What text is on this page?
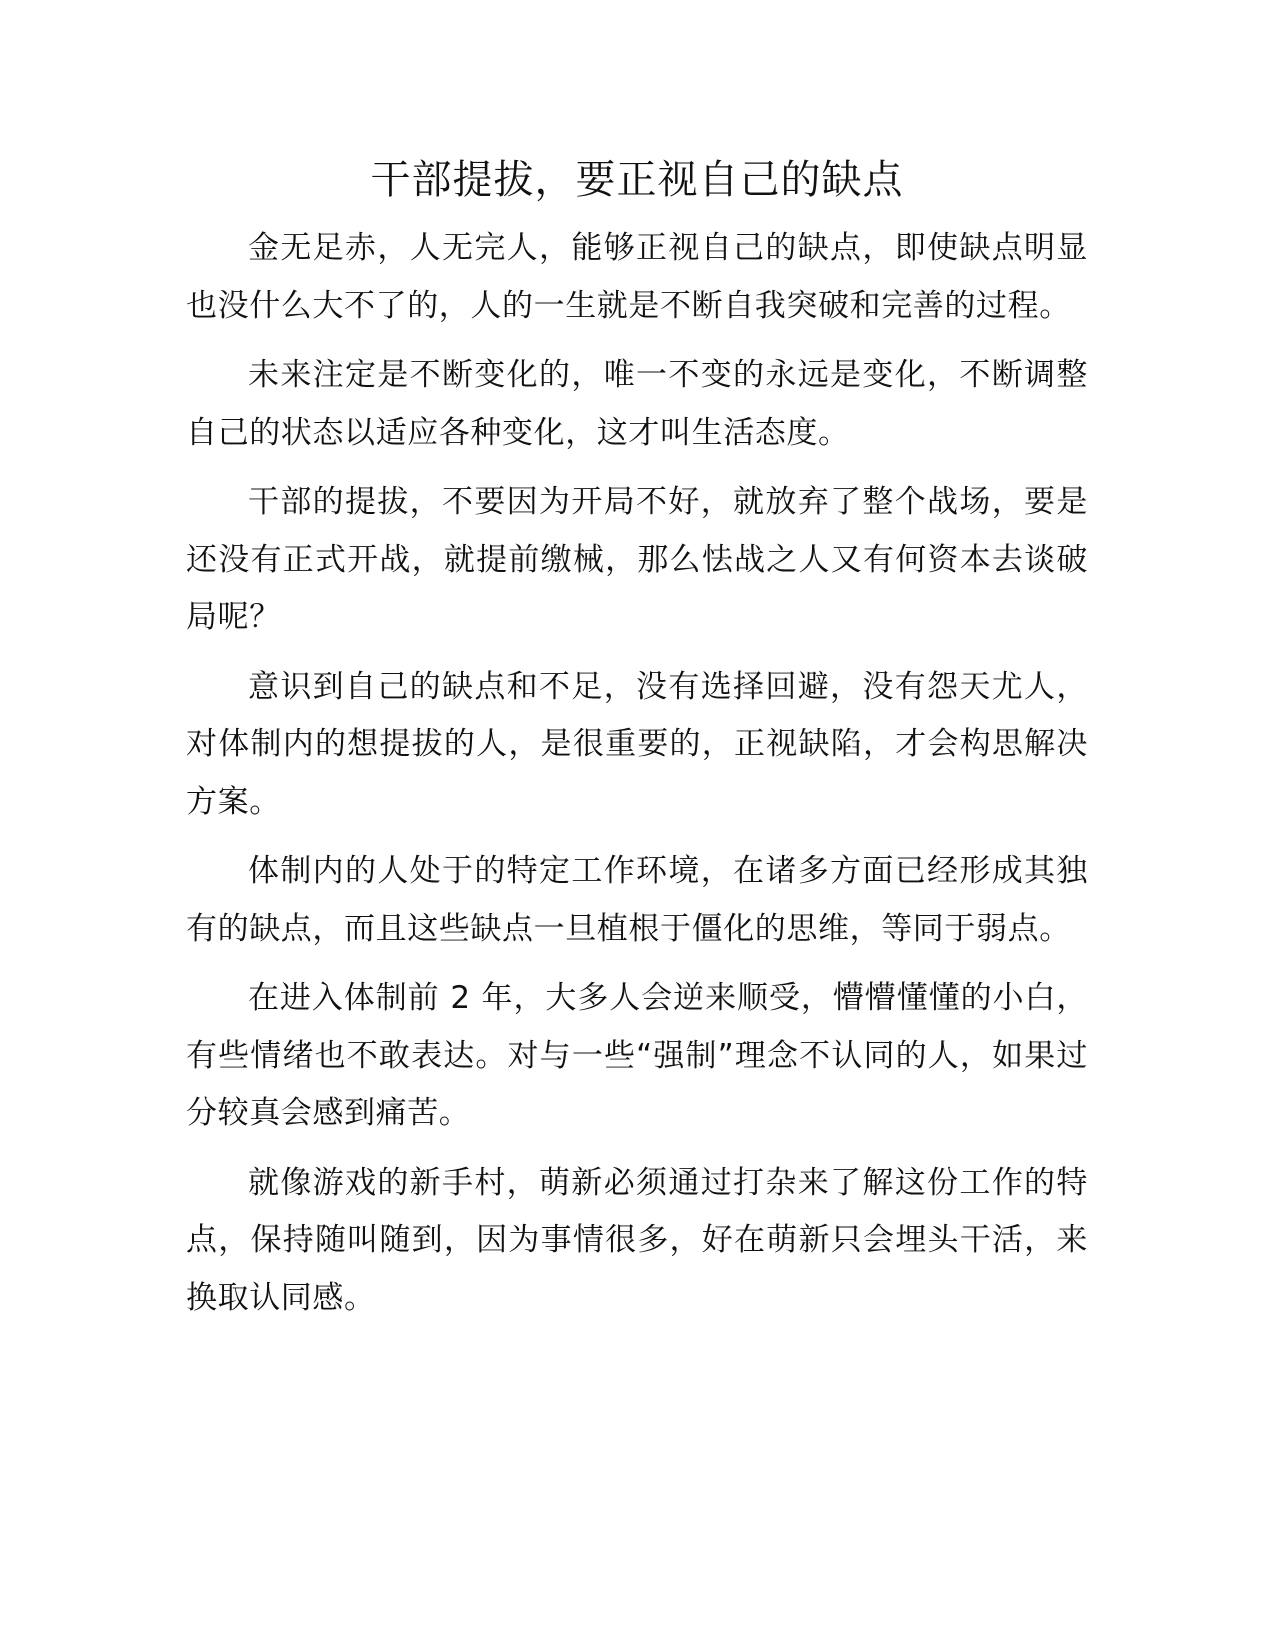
干部提拔，要正视自己的缺点

金无足赤，人无完人，能够正视自己的缺点，即使缺点明显也没什么大不了的，人的一生就是不断自我突破和完善的过程。

未来注定是不断变化的，唯一不变的永远是变化，不断调整自己的状态以适应各种变化，这才叫生活态度。

干部的提拔，不要因为开局不好，就放弃了整个战场，要是还没有正式开战，就提前缴械，那么怯战之人又有何资本去谈破局呢？

意识到自己的缺点和不足，没有选择回避，没有怨天尤人，对体制内的想提拔的人，是很重要的，正视缺陷，才会构思解决方案。

体制内的人处于的特定工作环境，在诸多方面已经形成其独有的缺点，而且这些缺点一旦植根于僵化的思维，等同于弱点。

在进入体制前 2 年，大多人会逆来顺受，懵懵懂懂的小白，有些情绪也不敢表达。对与一些“强制”理念不认同的人，如果过分较真会感到痛苦。

就像游戏的新手村，萌新必须通过打杂来了解这份工作的特点，保持随叫随到，因为事情很多，好在萌新只会埋头干活，来换取认同感。
